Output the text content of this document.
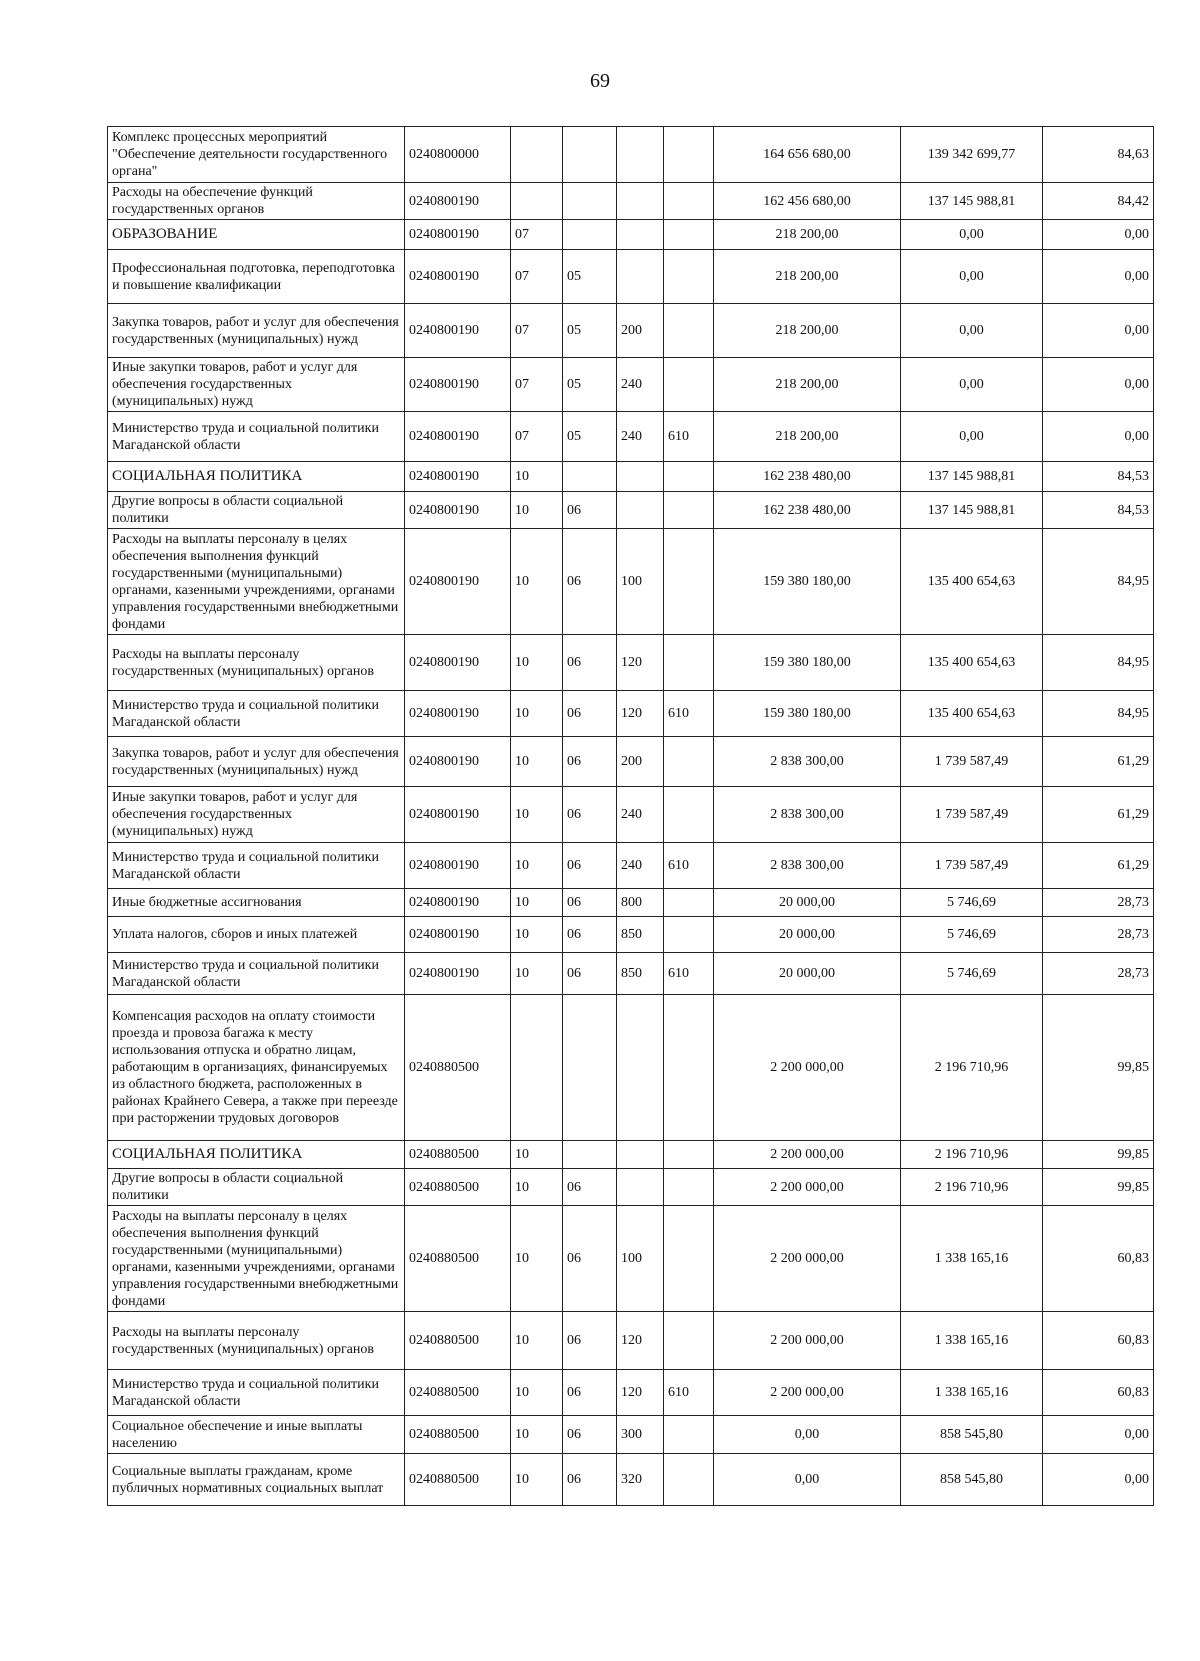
69
Комплекс процессных мероприятий "Обеспечение деятельности государственного органа"	0240800000					164 656 680,00	139 342 699,77	84,63
Расходы на обеспечение функций государственных органов	0240800190					162 456 680,00	137 145 988,81	84,42
ОБРАЗОВАНИЕ	0240800190	07				218 200,00	0,00	0,00
Профессиональная подготовка, переподготовка и повышение квалификации	0240800190	07	05			218 200,00	0,00	0,00
Закупка товаров, работ и услуг для обеспечения государственных (муниципальных) нужд	0240800190	07	05	200		218 200,00	0,00	0,00
Иные закупки товаров, работ и услуг для обеспечения государственных (муниципальных) нужд	0240800190	07	05	240		218 200,00	0,00	0,00
Министерство труда и социальной политики Магаданской области	0240800190	07	05	240	610	218 200,00	0,00	0,00
СОЦИАЛЬНАЯ ПОЛИТИКА	0240800190	10				162 238 480,00	137 145 988,81	84,53
Другие вопросы в области социальной политики	0240800190	10	06			162 238 480,00	137 145 988,81	84,53
Расходы на выплаты персоналу в целях обеспечения выполнения функций государственными (муниципальными) органами, казенными учреждениями, органами управления государственными внебюджетными фондами	0240800190	10	06	100		159 380 180,00	135 400 654,63	84,95
Расходы на выплаты персоналу государственных (муниципальных) органов	0240800190	10	06	120		159 380 180,00	135 400 654,63	84,95
Министерство труда и социальной политики Магаданской области	0240800190	10	06	120	610	159 380 180,00	135 400 654,63	84,95
Закупка товаров, работ и услуг для обеспечения государственных (муниципальных) нужд	0240800190	10	06	200		2 838 300,00	1 739 587,49	61,29
Иные закупки товаров, работ и услуг для обеспечения государственных (муниципальных) нужд	0240800190	10	06	240		2 838 300,00	1 739 587,49	61,29
Министерство труда и социальной политики Магаданской области	0240800190	10	06	240	610	2 838 300,00	1 739 587,49	61,29
Иные бюджетные ассигнования	0240800190	10	06	800		20 000,00	5 746,69	28,73
Уплата налогов, сборов и иных платежей	0240800190	10	06	850		20 000,00	5 746,69	28,73
Министерство труда и социальной политики Магаданской области	0240800190	10	06	850	610	20 000,00	5 746,69	28,73
Компенсация расходов на оплату стоимости проезда и провоза багажа к месту использования отпуска и обратно лицам, работающим в организациях, финансируемых из областного бюджета, расположенных в районах Крайнего Севера, а также при переезде при расторжении трудовых договоров	0240880500					2 200 000,00	2 196 710,96	99,85
СОЦИАЛЬНАЯ ПОЛИТИКА	0240880500	10				2 200 000,00	2 196 710,96	99,85
Другие вопросы в области социальной политики	0240880500	10	06			2 200 000,00	2 196 710,96	99,85
Расходы на выплаты персоналу в целях обеспечения выполнения функций государственными (муниципальными) органами, казенными учреждениями, органами управления государственными внебюджетными фондами	0240880500	10	06	100		2 200 000,00	1 338 165,16	60,83
Расходы на выплаты персоналу государственных (муниципальных) органов	0240880500	10	06	120		2 200 000,00	1 338 165,16	60,83
Министерство труда и социальной политики Магаданской области	0240880500	10	06	120	610	2 200 000,00	1 338 165,16	60,83
Социальное обеспечение и иные выплаты населению	0240880500	10	06	300		0,00	858 545,80	0,00
Социальные выплаты гражданам, кроме публичных нормативных социальных выплат	0240880500	10	06	320		0,00	858 545,80	0,00
